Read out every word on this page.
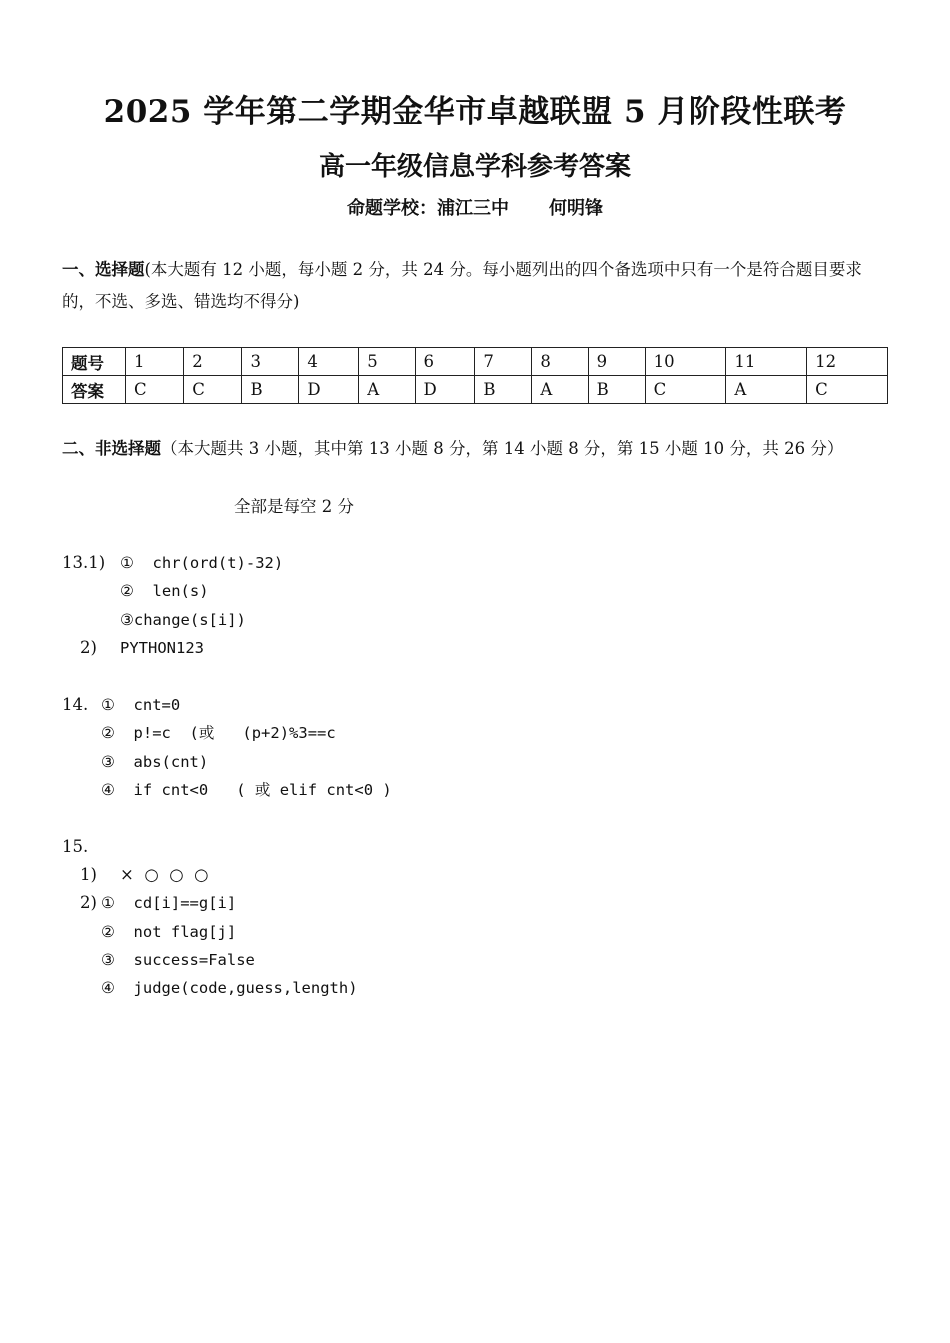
2025 学年第二学期金华市卓越联盟 5 月阶段性联考
高一年级信息学科参考答案
命题学校：浦江三中 何明锋
一、选择题(本大题有 12 小题，每小题 2 分，共 24 分。每小题列出的四个备选项中只有一个是符合题目要求的，不选、多选、错选均不得分)
题号	1	2	3	4	5	6	7	8	9	10	11	12
答案	C	C	B	D	A	D	B	A	B	C	A	C
二、非选择题（本大题共 3 小题，其中第 13 小题 8 分，第 14 小题 8 分，第 15 小题 10 分，共 26 分）
全部是每空 2 分
13.1) ①  chr(ord(t)-32)
②  len(s)
③change(s[i])
2) PYTHON123
14. ①  cnt=0
②  p!=c  (或   (p+2)%3==c
③  abs(cnt)
④  if cnt<0   ( 或 elif cnt<0 )
15.
1) ×  ○  ○  ○
2) ①  cd[i]==g[i]
②  not flag[j]
③  success=False
④  judge(code,guess,length)
